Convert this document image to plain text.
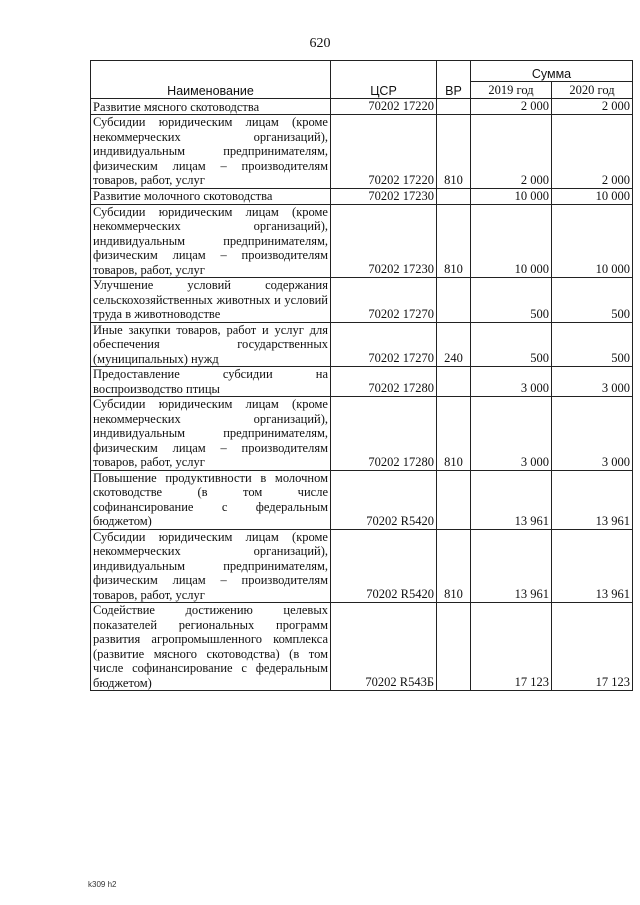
620
Наименование	ЦСР	ВР	Сумма	
			2019 год	2020 год
Развитие мясного скотоводства	70202 17220		2 000	2 000
Субсидии юридическим лицам (кроме некоммерческих организаций), индивидуальным предпринимателям, физическим лицам – производителям товаров, работ, услуг	70202 17220	810	2 000	2 000
Развитие молочного скотоводства	70202 17230		10 000	10 000
Субсидии юридическим лицам (кроме некоммерческих организаций), индивидуальным предпринимателям, физическим лицам – производителям товаров, работ, услуг	70202 17230	810	10 000	10 000
Улучшение условий содержания сельскохозяйственных животных и условий труда в животноводстве	70202 17270		500	500
Иные закупки товаров, работ и услуг для обеспечения государственных (муниципальных) нужд	70202 17270	240	500	500
Предоставление субсидии на воспроизводство птицы	70202 17280		3 000	3 000
Субсидии юридическим лицам (кроме некоммерческих организаций), индивидуальным предпринимателям, физическим лицам – производителям товаров, работ, услуг	70202 17280	810	3 000	3 000
Повышение продуктивности в молочном скотоводстве (в том числе софинансирование с федеральным бюджетом)	70202 R5420		13 961	13 961
Субсидии юридическим лицам (кроме некоммерческих организаций), индивидуальным предпринимателям, физическим лицам – производителям товаров, работ, услуг	70202 R5420	810	13 961	13 961
Содействие достижению целевых показателей региональных программ развития агропромышленного комплекса (развитие мясного скотоводства) (в том числе софинансирование с федеральным бюджетом)	70202 R543Б		17 123	17 123
k309 h2
